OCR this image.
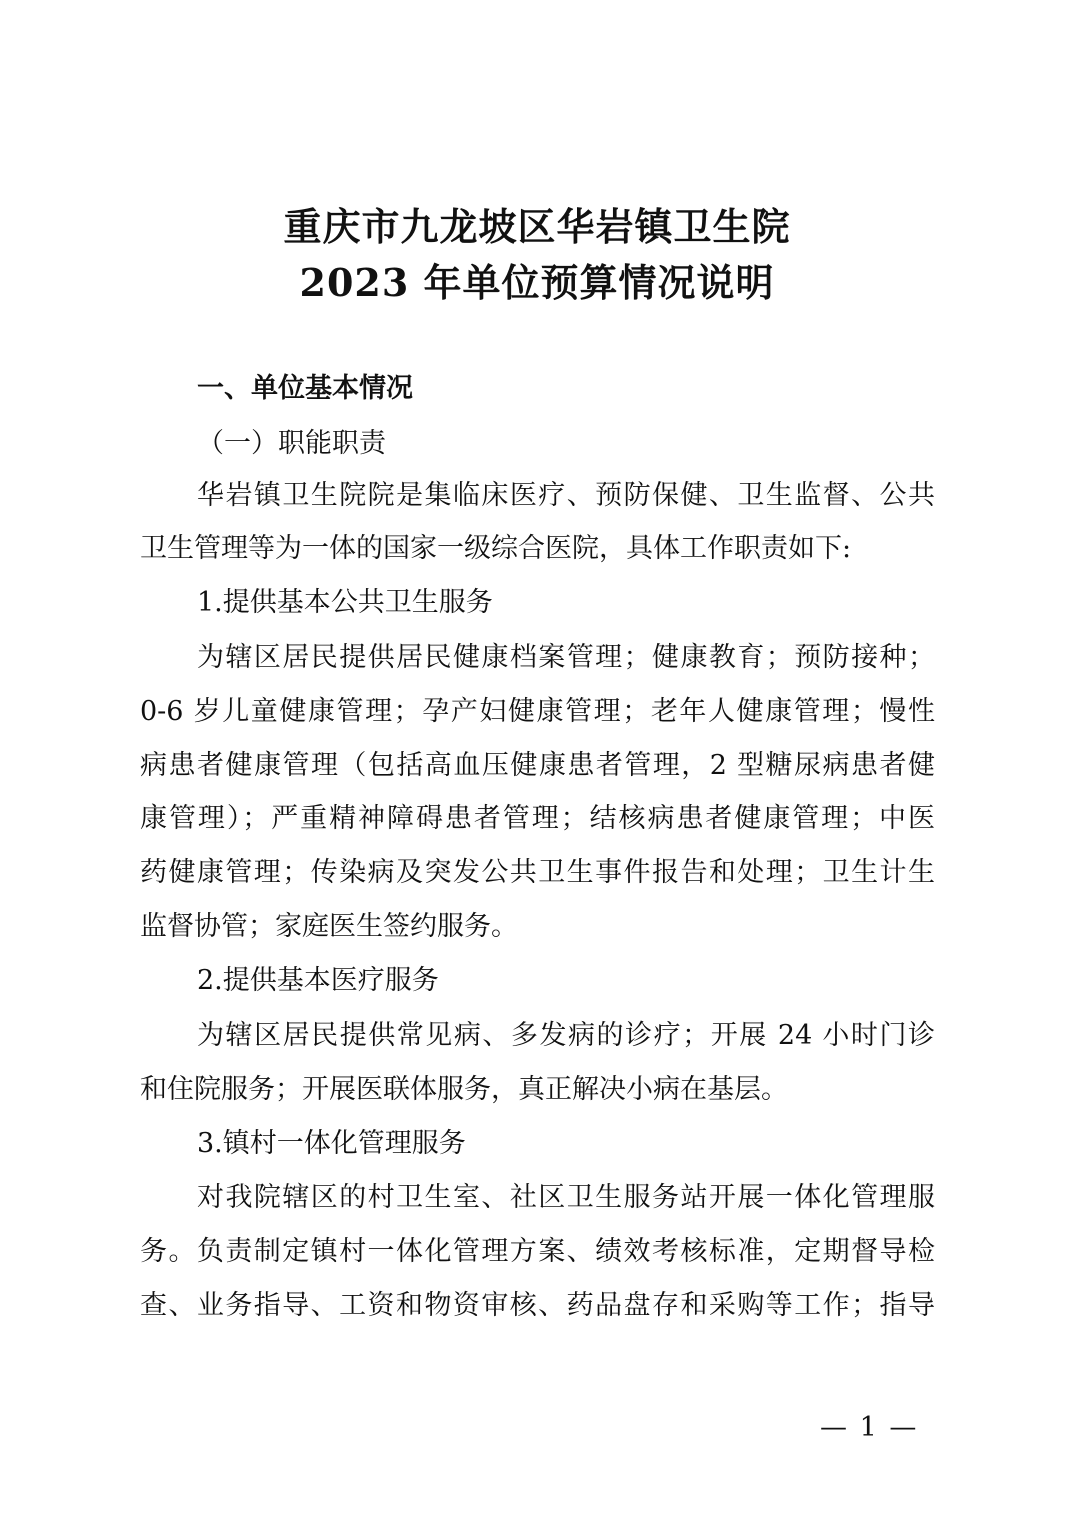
重庆市九龙坡区华岩镇卫生院
2023 年单位预算情况说明
一、单位基本情况
（一）职能职责
华岩镇卫生院院是集临床医疗、预防保健、卫生监督、公共
卫生管理等为一体的国家一级综合医院，具体工作职责如下:
1.提供基本公共卫生服务
为辖区居民提供居民健康档案管理；健康教育；预防接种；
0-6 岁儿童健康管理；孕产妇健康管理；老年人健康管理；慢性
病患者健康管理（包括高血压健康患者管理，2 型糖尿病患者健
康管理）；严重精神障碍患者管理；结核病患者健康管理；中医
药健康管理；传染病及突发公共卫生事件报告和处理；卫生计生
监督协管；家庭医生签约服务。
2.提供基本医疗服务
为辖区居民提供常见病、多发病的诊疗；开展 24 小时门诊
和住院服务；开展医联体服务，真正解决小病在基层。
3.镇村一体化管理服务
对我院辖区的村卫生室、社区卫生服务站开展一体化管理服
务。负责制定镇村一体化管理方案、绩效考核标准，定期督导检
查、业务指导、工资和物资审核、药品盘存和采购等工作；指导
— 1 —
